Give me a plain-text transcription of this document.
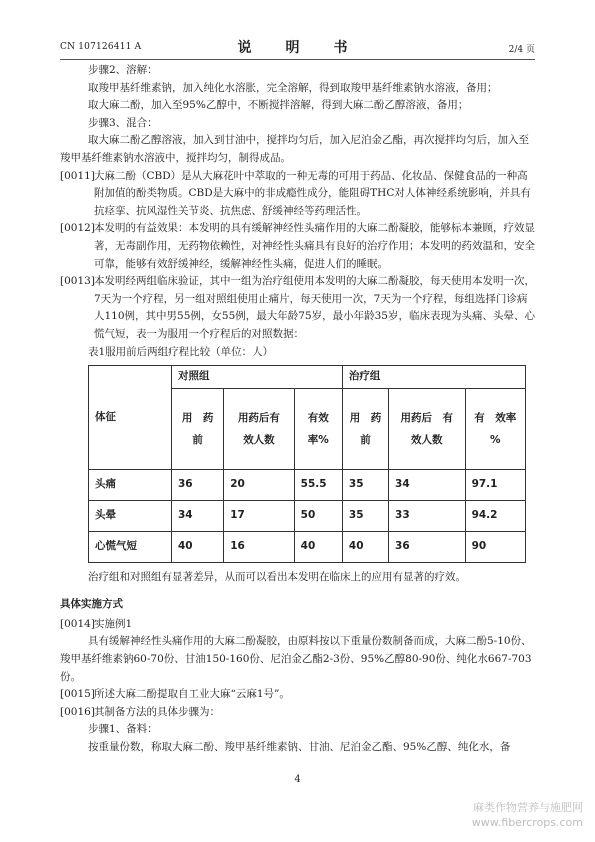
CN 107126411 A	说　明　书	2/4 页

步骤2、溶解：

取羧甲基纤维素钠，加入纯化水溶胀，完全溶解，得到取羧甲基纤维素钠水溶液，备用；

取大麻二酚，加入至95%乙醇中，不断搅拌溶解，得到大麻二酚乙醇溶液，备用；

步骤3、混合：

取大麻二酚乙醇溶液，加入到甘油中，搅拌均匀后，加入尼泊金乙酯，再次搅拌均匀后，加入至羧甲基纤维素钠水溶液中，搅拌均匀，制得成品。

[0011] 大麻二酚（CBD）是从大麻花叶中萃取的一种无毒的可用于药品、化妆品、保健食品的一种高附加值的酚类物质。CBD是大麻中的非成瘾性成分，能阻碍THC对人体神经系统影响，并具有抗痉挛、抗风湿性关节炎、抗焦虑、舒缓神经等药理活性。
[0012] 本发明的有益效果：本发明的具有缓解神经性头痛作用的大麻二酚凝胶，能够标本兼顾，疗效显著，无毒副作用，无药物依赖性，对神经性头痛具有良好的治疗作用；本发明的药效温和，安全可靠，能够有效舒缓神经，缓解神经性头痛，促进人们的睡眠。
[0013] 本发明经两组临床验证，其中一组为治疗组使用本发明的大麻二酚凝胶，每天使用本发明一次，7天为一个疗程，另一组对照组使用止痛片，每天使用一次，7天为一个疗程，每组选择门诊病人110例，其中男55例，女55例，最大年龄75岁，最小年龄35岁，临床表现为头痛、头晕、心慌气短，表一为服用一个疗程后的对照数据：

表1服用前后两组疗程比较（单位：人）

体征	对照组			治疗组		
	用　药　前	用药后有　效人数	有效率%	用　药前	用药后　有　效人数	有　效率　%
头痛	36	20	55.5	35	34	97.1
头晕	34	17	50	35	33	94.2
心慌气短	40	16	40	40	36	90

治疗组和对照组有显著差异，从而可以看出本发明在临床上的应用有显著的疗效。

具体实施方式

[0014] 实施例1

具有缓解神经性头痛作用的大麻二酚凝胶，由原料按以下重量份数制备而成，大麻二酚5-10份、羧甲基纤维素钠60-70份、甘油150-160份、尼泊金乙酯2-3份、95%乙醇80-90份、纯化水667-703份。

[0015] 所述大麻二酚提取自工业大麻“云麻1号”。
[0016] 其制备方法的具体步骤为：

步骤1、备料：

按重量份数，称取大麻二酚、羧甲基纤维素钠、甘油、尼泊金乙酯、95%乙醇、纯化水，备

4
麻类作物营养与施肥网
www.fibercrops.com
